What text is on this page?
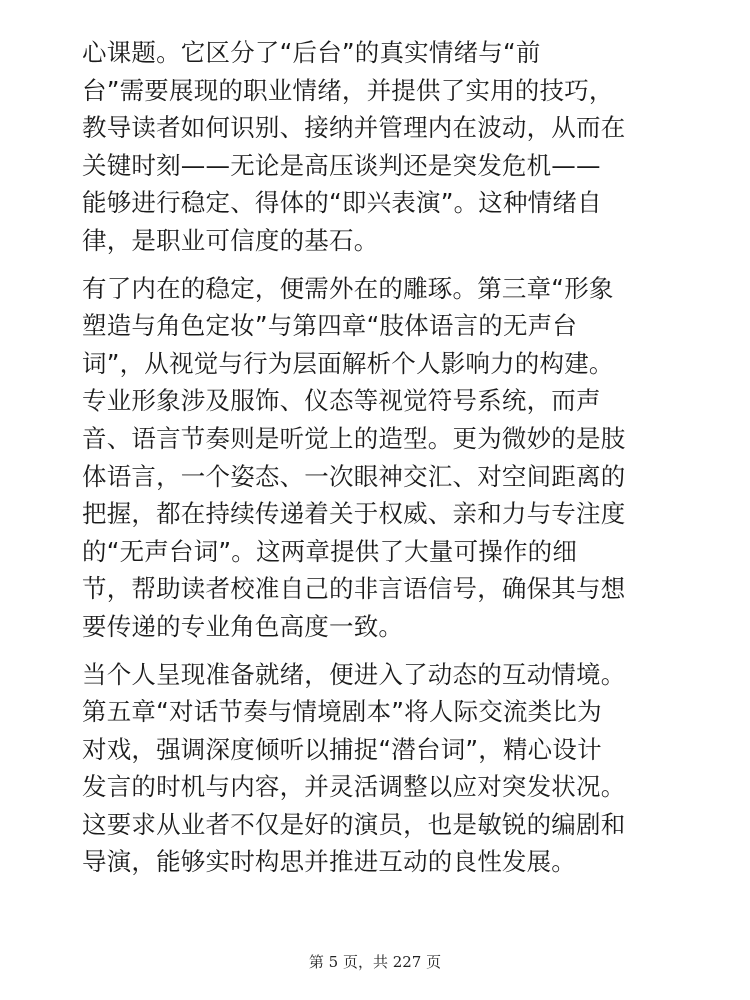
心课题。它区分了“后台”的真实情绪与“前
台”需要展现的职业情绪，并提供了实用的技巧，
教导读者如何识别、接纳并管理内在波动，从而在
关键时刻——无论是高压谈判还是突发危机——
能够进行稳定、得体的“即兴表演”。这种情绪自
律，是职业可信度的基石。
有了内在的稳定，便需外在的雕琢。第三章“形象
塑造与角色定妆”与第四章“肢体语言的无声台
词”，从视觉与行为层面解析个人影响力的构建。
专业形象涉及服饰、仪态等视觉符号系统，而声
音、语言节奏则是听觉上的造型。更为微妙的是肢
体语言，一个姿态、一次眼神交汇、对空间距离的
把握，都在持续传递着关于权威、亲和力与专注度
的“无声台词”。这两章提供了大量可操作的细
节，帮助读者校准自己的非言语信号，确保其与想
要传递的专业角色高度一致。
当个人呈现准备就绪，便进入了动态的互动情境。
第五章“对话节奏与情境剧本”将人际交流类比为
对戏，强调深度倾听以捕捉“潜台词”，精心设计
发言的时机与内容，并灵活调整以应对突发状况。
这要求从业者不仅是好的演员，也是敏锐的编剧和
导演，能够实时构思并推进互动的良性发展。
第 5 页，共 227 页
